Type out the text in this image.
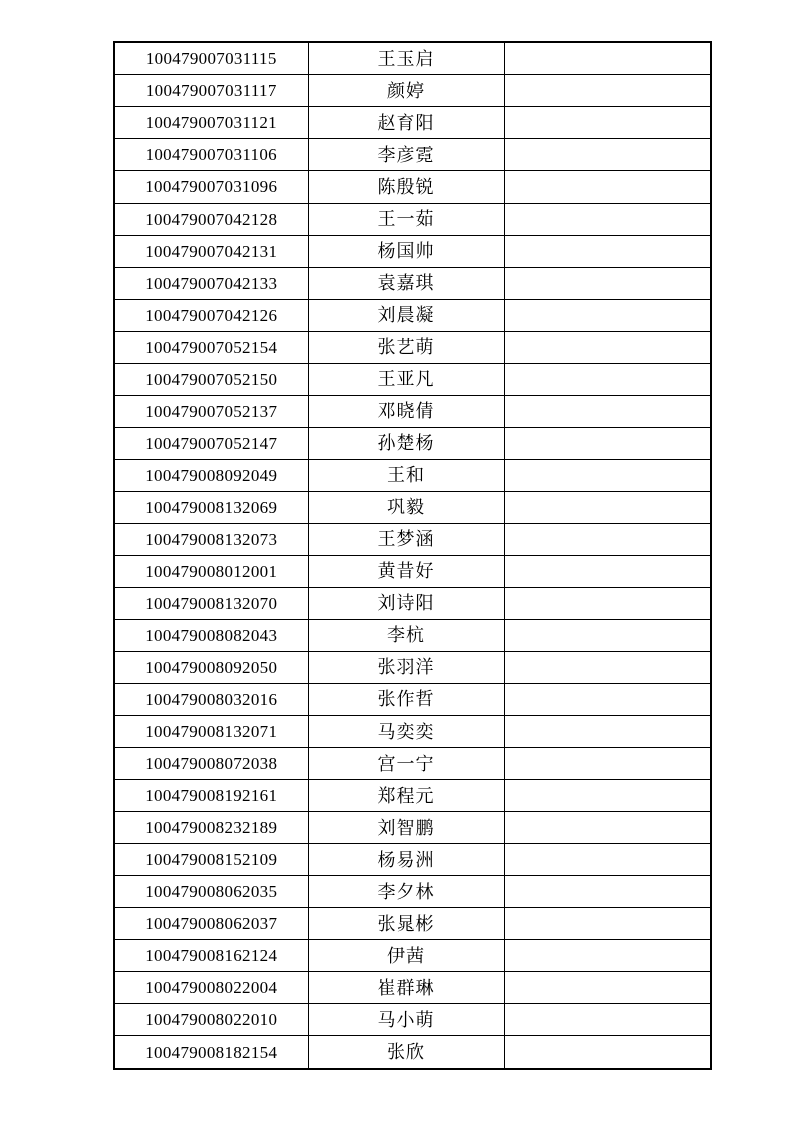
100479007031115	王玉启	
100479007031117	颜婷	
100479007031121	赵育阳	
100479007031106	李彦霓	
100479007031096	陈殷锐	
100479007042128	王一茹	
100479007042131	杨国帅	
100479007042133	袁嘉琪	
100479007042126	刘晨凝	
100479007052154	张艺萌	
100479007052150	王亚凡	
100479007052137	邓晓倩	
100479007052147	孙楚杨	
100479008092049	王和	
100479008132069	巩毅	
100479008132073	王梦涵	
100479008012001	黄昔好	
100479008132070	刘诗阳	
100479008082043	李杭	
100479008092050	张羽洋	
100479008032016	张作哲	
100479008132071	马奕奕	
100479008072038	宫一宁	
100479008192161	郑程元	
100479008232189	刘智鹏	
100479008152109	杨易洲	
100479008062035	李夕林	
100479008062037	张晁彬	
100479008162124	伊茜	
100479008022004	崔群琳	
100479008022010	马小萌	
100479008182154	张欣	
